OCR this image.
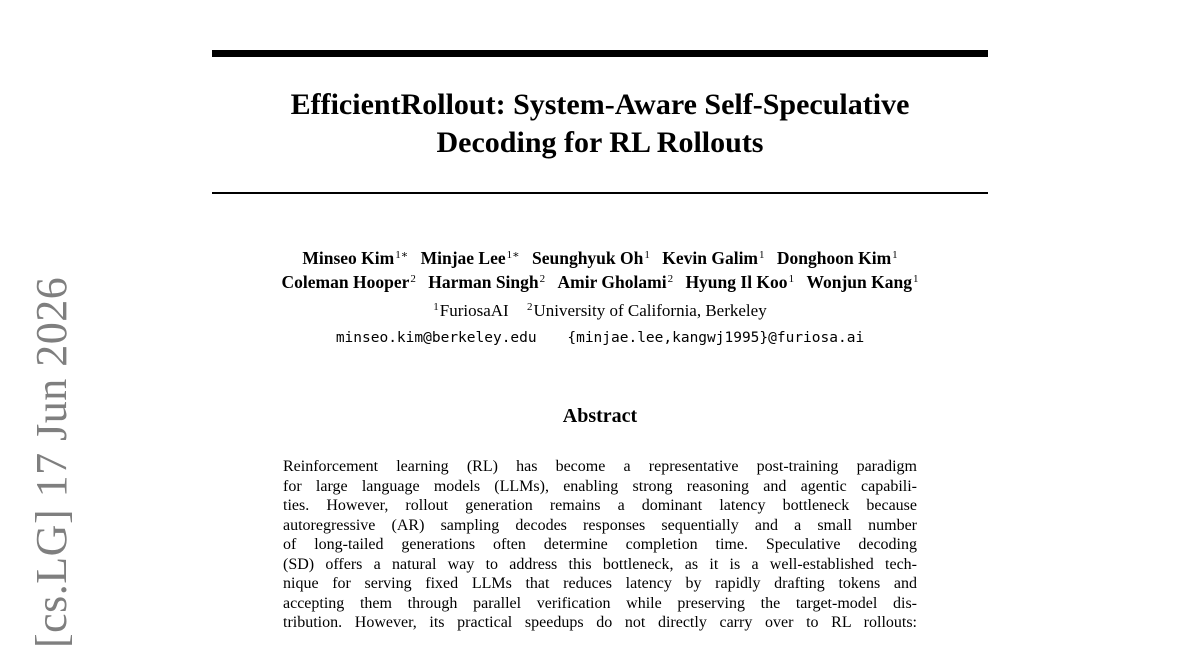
EfficientRollout: System-Aware Self-Speculative
Decoding for RL Rollouts
Minseo Kim$^{1∗}$ Minjae Lee$^{1∗}$ Seunghyuk Oh$^1$ Kevin Galim$^1$ Donghoon Kim$^1$
Coleman Hooper$^2$ Harman Singh$^2$ Amir Gholami$^2$ Hyung Il Koo$^1$ Wonjun Kang$^1$
$^1$FuriosaAI $^2$University of California, Berkeley
minseo.kim@berkeley.edu {minjae.lee,kangwj1995}@furiosa.ai
Abstract
Reinforcement learning (RL) has become a representative post-training paradigm
for large language models (LLMs), enabling strong reasoning and agentic capabili-
ties. However, rollout generation remains a dominant latency bottleneck because
autoregressive (AR) sampling decodes responses sequentially and a small number
of long-tailed generations often determine completion time. Speculative decoding
(SD) offers a natural way to address this bottleneck, as it is a well-established tech-
nique for serving fixed LLMs that reduces latency by rapidly drafting tokens and
accepting them through parallel verification while preserving the target-model dis-
tribution. However, its practical speedups do not directly carry over to RL rollouts:
[cs.LG] 17 Jun 2026
